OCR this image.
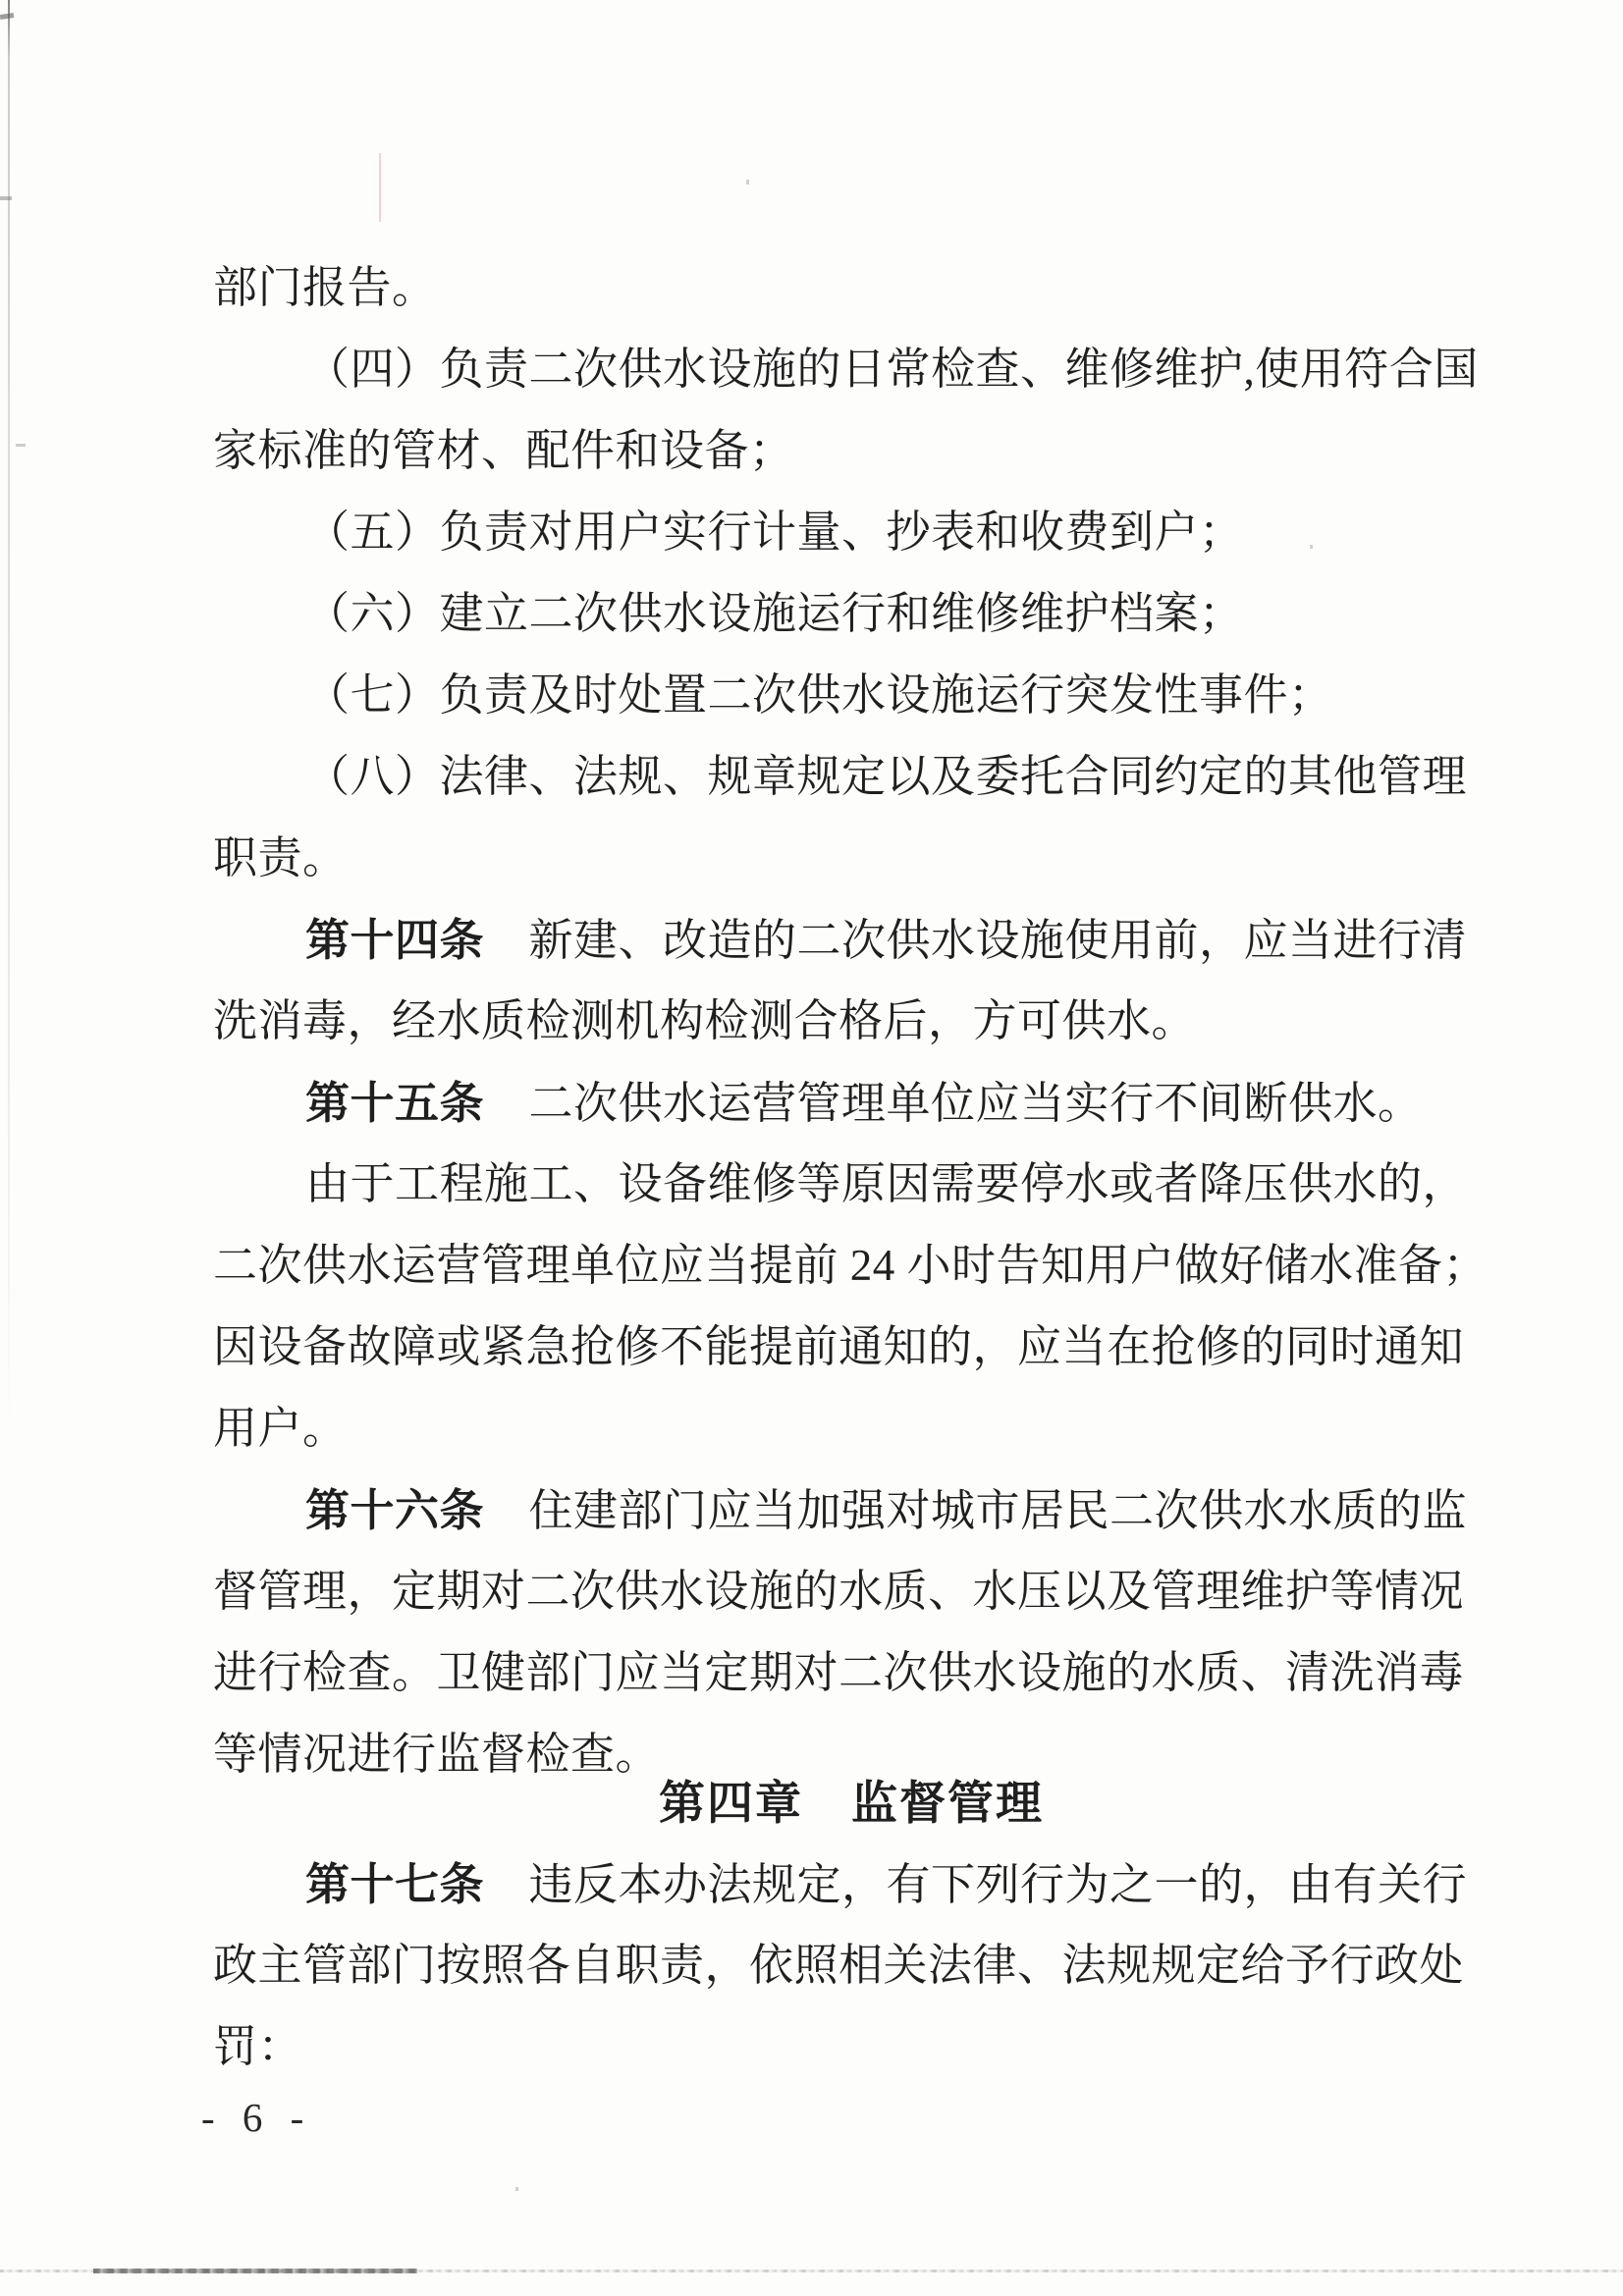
部门报告。
（四）负责二次供水设施的日常检查、维修维护,使用符合国
家标准的管材、配件和设备；
（五）负责对用户实行计量、抄表和收费到户；
（六）建立二次供水设施运行和维修维护档案；
（七）负责及时处置二次供水设施运行突发性事件；
（八）法律、法规、规章规定以及委托合同约定的其他管理
职责。
第十四条　新建、改造的二次供水设施使用前，应当进行清
洗消毒，经水质检测机构检测合格后，方可供水。
第十五条　二次供水运营管理单位应当实行不间断供水。
由于工程施工、设备维修等原因需要停水或者降压供水的，
二次供水运营管理单位应当提前 24 小时告知用户做好储水准备；
因设备故障或紧急抢修不能提前通知的，应当在抢修的同时通知
用户。
第十六条　住建部门应当加强对城市居民二次供水水质的监
督管理，定期对二次供水设施的水质、水压以及管理维护等情况
进行检查。卫健部门应当定期对二次供水设施的水质、清洗消毒
等情况进行监督检查。
第四章　监督管理
第十七条　违反本办法规定，有下列行为之一的，由有关行
政主管部门按照各自职责，依照相关法律、法规规定给予行政处
罚：
- 6 -
